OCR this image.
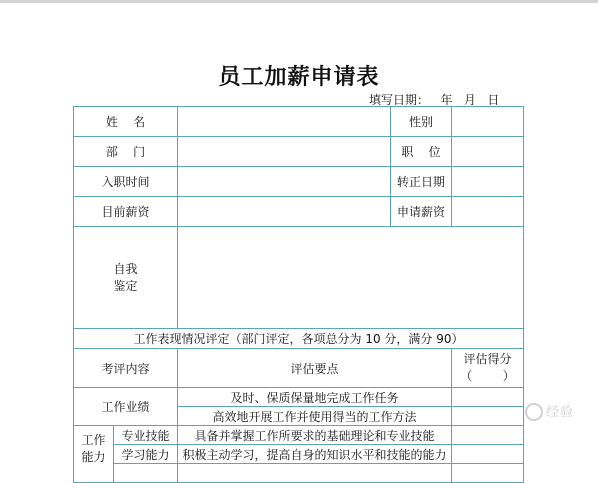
员工加薪申请表
填写日期：   年   月   日
姓    名			性别	
部    门			职    位	
入职时间			转正日期	
目前薪资			申请薪资	

自我
鉴定				

工作表现情况评定（部门评定，各项总分为 10 分，满分 90）				
考评内容		评估要点		评估得分
（        ）

工作业绩		及时、保质保量地完成工作任务		
		高效地开展工作并使用得当的工作方法		

工作
能力	专业技能	具备并掌握工作所要求的基础理论和专业技能		
	学习能力	积极主动学习，提高自身的知识水平和技能的能力		

经验
